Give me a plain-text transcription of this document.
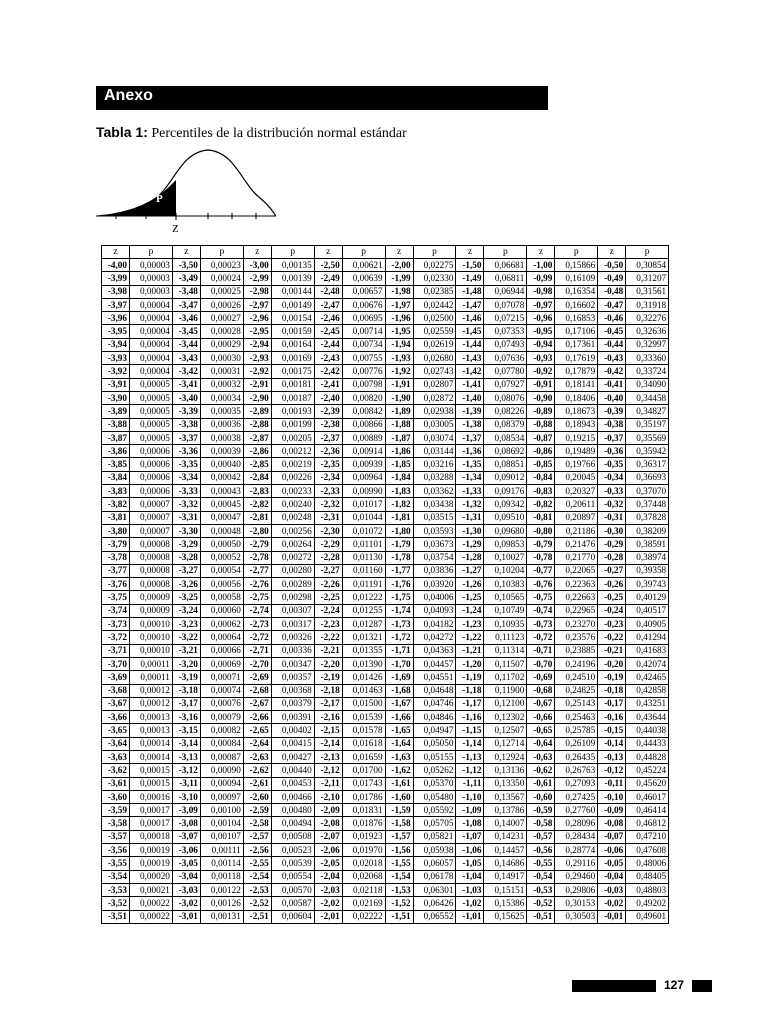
Anexo
Tabla 1: Percentiles de la distribución normal estándar
P
Z
z	p	z	p	z	p	z	p	z	p	z	p	z	p	z	p
-4,00	0,00003	-3,50	0,00023	-3,00	0,00135	-2,50	0,00621	-2,00	0,02275	-1,50	0,06681	-1,00	0,15866	-0,50	0,30854
-3,99	0,00003	-3,49	0,00024	-2,99	0,00139	-2,49	0,00639	-1,99	0,02330	-1,49	0,06811	-0,99	0,16109	-0,49	0,31207
-3,98	0,00003	-3,48	0,00025	-2,98	0,00144	-2,48	0,00657	-1,98	0,02385	-1,48	0,06944	-0,98	0,16354	-0,48	0,31561
-3,97	0,00004	-3,47	0,00026	-2,97	0,00149	-2,47	0,00676	-1,97	0,02442	-1,47	0,07078	-0,97	0,16602	-0,47	0,31918
-3,96	0,00004	-3,46	0,00027	-2,96	0,00154	-2,46	0,00695	-1,96	0,02500	-1,46	0,07215	-0,96	0,16853	-0,46	0,32276
-3,95	0,00004	-3,45	0,00028	-2,95	0,00159	-2,45	0,00714	-1,95	0,02559	-1,45	0,07353	-0,95	0,17106	-0,45	0,32636
-3,94	0,00004	-3,44	0,00029	-2,94	0,00164	-2,44	0,00734	-1,94	0,02619	-1,44	0,07493	-0,94	0,17361	-0,44	0,32997
-3,93	0,00004	-3,43	0,00030	-2,93	0,00169	-2,43	0,00755	-1,93	0,02680	-1,43	0,07636	-0,93	0,17619	-0,43	0,33360
-3,92	0,00004	-3,42	0,00031	-2,92	0,00175	-2,42	0,00776	-1,92	0,02743	-1,42	0,07780	-0,92	0,17879	-0,42	0,33724
-3,91	0,00005	-3,41	0,00032	-2,91	0,00181	-2,41	0,00798	-1,91	0,02807	-1,41	0,07927	-0,91	0,18141	-0,41	0,34090
-3,90	0,00005	-3,40	0,00034	-2,90	0,00187	-2,40	0,00820	-1,90	0,02872	-1,40	0,08076	-0,90	0,18406	-0,40	0,34458
-3,89	0,00005	-3,39	0,00035	-2,89	0,00193	-2,39	0,00842	-1,89	0,02938	-1,39	0,08226	-0,89	0,18673	-0,39	0,34827
-3,88	0,00005	-3,38	0,00036	-2,88	0,00199	-2,38	0,00866	-1,88	0,03005	-1,38	0,08379	-0,88	0,18943	-0,38	0,35197
-3,87	0,00005	-3,37	0,00038	-2,87	0,00205	-2,37	0,00889	-1,87	0,03074	-1,37	0,08534	-0,87	0,19215	-0,37	0,35569
-3,86	0,00006	-3,36	0,00039	-2,86	0,00212	-2,36	0,00914	-1,86	0,03144	-1,36	0,08692	-0,86	0,19489	-0,36	0,35942
-3,85	0,00006	-3,35	0,00040	-2,85	0,00219	-2,35	0,00939	-1,85	0,03216	-1,35	0,08851	-0,85	0,19766	-0,35	0,36317
-3,84	0,00006	-3,34	0,00042	-2,84	0,00226	-2,34	0,00964	-1,84	0,03288	-1,34	0,09012	-0,84	0,20045	-0,34	0,36693
-3,83	0,00006	-3,33	0,00043	-2,83	0,00233	-2,33	0,00990	-1,83	0,03362	-1,33	0,09176	-0,83	0,20327	-0,33	0,37070
-3,82	0,00007	-3,32	0,00045	-2,82	0,00240	-2,32	0,01017	-1,82	0,03438	-1,32	0,09342	-0,82	0,20611	-0,32	0,37448
-3,81	0,00007	-3,31	0,00047	-2,81	0,00248	-2,31	0,01044	-1,81	0,03515	-1,31	0,09510	-0,81	0,20897	-0,31	0,37828
-3,80	0,00007	-3,30	0,00048	-2,80	0,00256	-2,30	0,01072	-1,80	0,03593	-1,30	0,09680	-0,80	0,21186	-0,30	0,38209
-3,79	0,00008	-3,29	0,00050	-2,79	0,00264	-2,29	0,01101	-1,79	0,03673	-1,29	0,09853	-0,79	0,21476	-0,29	0,38591
-3,78	0,00008	-3,28	0,00052	-2,78	0,00272	-2,28	0,01130	-1,78	0,03754	-1,28	0,10027	-0,78	0,21770	-0,28	0,38974
-3,77	0,00008	-3,27	0,00054	-2,77	0,00280	-2,27	0,01160	-1,77	0,03836	-1,27	0,10204	-0,77	0,22065	-0,27	0,39358
-3,76	0,00008	-3,26	0,00056	-2,76	0,00289	-2,26	0,01191	-1,76	0,03920	-1,26	0,10383	-0,76	0,22363	-0,26	0,39743
-3,75	0,00009	-3,25	0,00058	-2,75	0,00298	-2,25	0,01222	-1,75	0,04006	-1,25	0,10565	-0,75	0,22663	-0,25	0,40129
-3,74	0,00009	-3,24	0,00060	-2,74	0,00307	-2,24	0,01255	-1,74	0,04093	-1,24	0,10749	-0,74	0,22965	-0,24	0,40517
-3,73	0,00010	-3,23	0,00062	-2,73	0,00317	-2,23	0,01287	-1,73	0,04182	-1,23	0,10935	-0,73	0,23270	-0,23	0,40905
-3,72	0,00010	-3,22	0,00064	-2,72	0,00326	-2,22	0,01321	-1,72	0,04272	-1,22	0,11123	-0,72	0,23576	-0,22	0,41294
-3,71	0,00010	-3,21	0,00066	-2,71	0,00336	-2,21	0,01355	-1,71	0,04363	-1,21	0,11314	-0,71	0,23885	-0,21	0,41683
-3,70	0,00011	-3,20	0,00069	-2,70	0,00347	-2,20	0,01390	-1,70	0,04457	-1,20	0,11507	-0,70	0,24196	-0,20	0,42074
-3,69	0,00011	-3,19	0,00071	-2,69	0,00357	-2,19	0,01426	-1,69	0,04551	-1,19	0,11702	-0,69	0,24510	-0,19	0,42465
-3,68	0,00012	-3,18	0,00074	-2,68	0,00368	-2,18	0,01463	-1,68	0,04648	-1,18	0,11900	-0,68	0,24825	-0,18	0,42858
-3,67	0,00012	-3,17	0,00076	-2,67	0,00379	-2,17	0,01500	-1,67	0,04746	-1,17	0,12100	-0,67	0,25143	-0,17	0,43251
-3,66	0,00013	-3,16	0,00079	-2,66	0,00391	-2,16	0,01539	-1,66	0,04846	-1,16	0,12302	-0,66	0,25463	-0,16	0,43644
-3,65	0,00013	-3,15	0,00082	-2,65	0,00402	-2,15	0,01578	-1,65	0,04947	-1,15	0,12507	-0,65	0,25785	-0,15	0,44038
-3,64	0,00014	-3,14	0,00084	-2,64	0,00415	-2,14	0,01618	-1,64	0,05050	-1,14	0,12714	-0,64	0,26109	-0,14	0,44433
-3,63	0,00014	-3,13	0,00087	-2,63	0,00427	-2,13	0,01659	-1,63	0,05155	-1,13	0,12924	-0,63	0,26435	-0,13	0,44828
-3,62	0,00015	-3,12	0,00090	-2,62	0,00440	-2,12	0,01700	-1,62	0,05262	-1,12	0,13136	-0,62	0,26763	-0,12	0,45224
-3,61	0,00015	-3,11	0,00094	-2,61	0,00453	-2,11	0,01743	-1,61	0,05370	-1,11	0,13350	-0,61	0,27093	-0,11	0,45620
-3,60	0,00016	-3,10	0,00097	-2,60	0,00466	-2,10	0,01786	-1,60	0,05480	-1,10	0,13567	-0,60	0,27425	-0,10	0,46017
-3,59	0,00017	-3,09	0,00100	-2,59	0,00480	-2,09	0,01831	-1,59	0,05592	-1,09	0,13786	-0,59	0,27760	-0,09	0,46414
-3,58	0,00017	-3,08	0,00104	-2,58	0,00494	-2,08	0,01876	-1,58	0,05705	-1,08	0,14007	-0,58	0,28096	-0,08	0,46812
-3,57	0,00018	-3,07	0,00107	-2,57	0,00508	-2,07	0,01923	-1,57	0,05821	-1,07	0,14231	-0,57	0,28434	-0,07	0,47210
-3,56	0,00019	-3,06	0,00111	-2,56	0,00523	-2,06	0,01970	-1,56	0,05938	-1,06	0,14457	-0,56	0,28774	-0,06	0,47608
-3,55	0,00019	-3,05	0,00114	-2,55	0,00539	-2,05	0,02018	-1,55	0,06057	-1,05	0,14686	-0,55	0,29116	-0,05	0,48006
-3,54	0,00020	-3,04	0,00118	-2,54	0,00554	-2,04	0,02068	-1,54	0,06178	-1,04	0,14917	-0,54	0,29460	-0,04	0,48405
-3,53	0,00021	-3,03	0,00122	-2,53	0,00570	-2,03	0,02118	-1,53	0,06301	-1,03	0,15151	-0,53	0,29806	-0,03	0,48803
-3,52	0,00022	-3,02	0,00126	-2,52	0,00587	-2,02	0,02169	-1,52	0,06426	-1,02	0,15386	-0,52	0,30153	-0,02	0,49202
-3,51	0,00022	-3,01	0,00131	-2,51	0,00604	-2,01	0,02222	-1,51	0,06552	-1,01	0,15625	-0,51	0,30503	-0,01	0,49601
127
